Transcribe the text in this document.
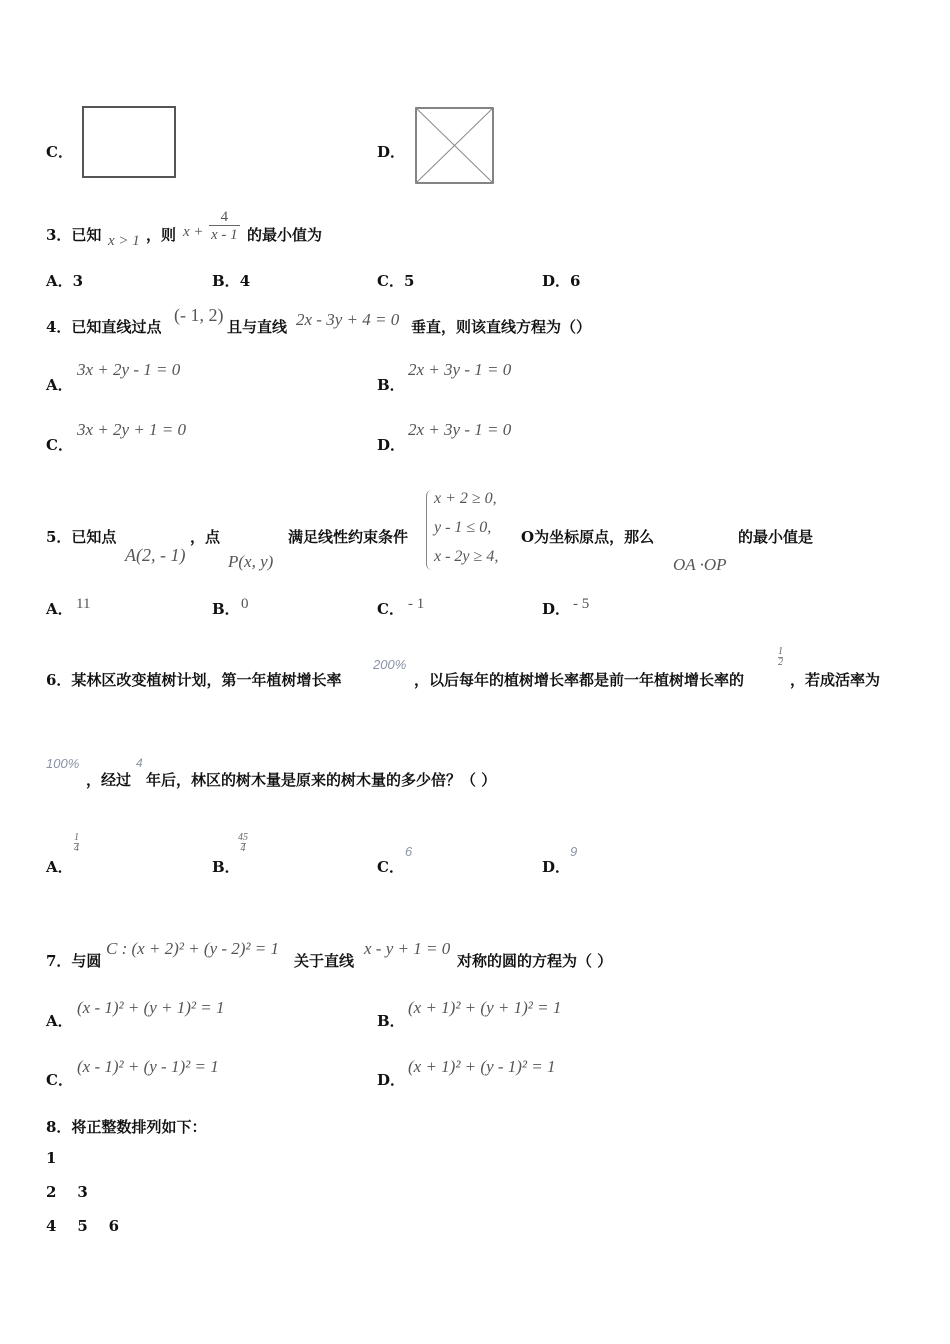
C．	D．
3．已知 x > 1 ，则 $x + \frac{4}{x - 1}$ 的最小值为
A．3	B．4	C．5	D．6
4．已知直线过点
(- 1, 2)
且与直线 2x - 3y + 4 = 0 垂直，则该直线方程为（）
A．
3x + 2y - 1 = 0
B．
2x + 3y - 1 = 0
C．
3x + 2y + 1 = 0
D．
2x + 3y - 1 = 0
5．已知点
A(2, - 1)
，点
P(x, y)
满足线性约束条件
x + 2 ≥ 0,
y - 1 ≤ 0,
x - 2y ≥ 4,
O为坐标原点，那么
OA ·OP
的最小值是
A． 11	B． 0	C． - 1	D． - 5
6．某林区改变植树计划，第一年植树增长率
200%
，以后每年的植树增长率都是前一年植树增长率的
$\frac{1}{2}$
，若成活率为
100%
，经过
4
年后，林区的树木量是原来的树木量的多少倍？（ ）
A．
$\frac{1}{4}$
B．
$\frac{45}{4}$
C．
6
D．
9
7．与圆
C : (x + 2)² + (y - 2)² = 1
关于直线
x - y + 1 = 0
对称的圆的方程为（ ）
A．
(x - 1)² + (y + 1)² = 1
B．
(x + 1)² + (y + 1)² = 1
C．
(x - 1)² + (y - 1)² = 1
D．
(x + 1)² + (y - 1)² = 1
8．将正整数排列如下：
1
2    3
4    5    6
